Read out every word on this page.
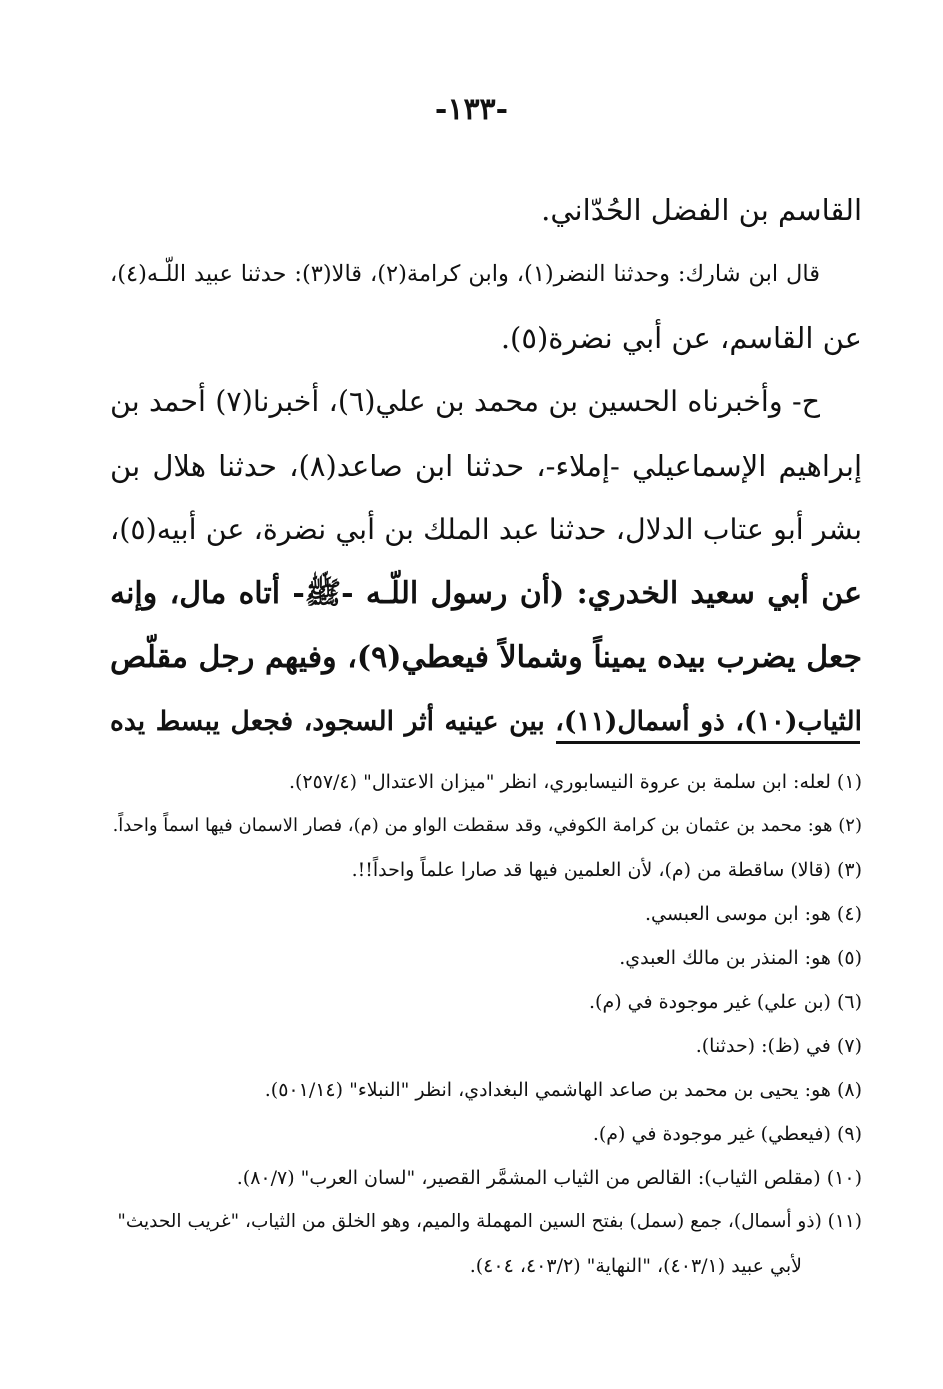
-١٣٣-
القاسم بن الفضل الحُدّاني.
قال ابن شارك: وحدثنا النضر(١)، وابن كرامة(٢)، قالا(٣): حدثنا عبيد اللّـه(٤)،
عن القاسم، عن أبي نضرة(٥).
ح- وأخبرناه الحسين بن محمد بن علي(٦)، أخبرنا(٧) أحمد بن
إبراهيم الإسماعيلي -إملاء-، حدثنا ابن صاعد(٨)، حدثنا هلال بن
بشر أبو عتاب الدلال، حدثنا عبد الملك بن أبي نضرة، عن أبيه(٥)،
عن أبي سعيد الخدري: (أن رسول اللّـه -ﷺ- أتاه مال، وإنه
جعل يضرب بيده يميناً وشمالاً فيعطي(٩)، وفيهم رجل مقلّص
الثياب(١٠)، ذو أسمال(١١)، بين عينيه أثر السجود، فجعل يبسط يده
(١) لعله: ابن سلمة بن عروة النيسابوري، انظر "ميزان الاعتدال" (٢٥٧/٤).
(٢) هو: محمد بن عثمان بن كرامة الكوفي، وقد سقطت الواو من (م)، فصار الاسمان فيها اسماً واحداً.
(٣) (قالا) ساقطة من (م)، لأن العلمين فيها قد صارا علماً واحداً!!.
(٤) هو: ابن موسى العبسي.
(٥) هو: المنذر بن مالك العبدي.
(٦) (بن علي) غير موجودة في (م).
(٧) في (ظ): (حدثنا).
(٨) هو: يحيى بن محمد بن صاعد الهاشمي البغدادي، انظر "النبلاء" (٥٠١/١٤).
(٩) (فيعطي) غير موجودة في (م).
(١٠) (مقلص الثياب): القالص من الثياب المشمَّر القصير، "لسان العرب" (٨٠/٧).
(١١) (ذو أسمال)، جمع (سمل) بفتح السين المهملة والميم، وهو الخلق من الثياب، "غريب الحديث"
لأبي عبيد (٤٠٣/١)، "النهاية" (٤٠٣/٢، ٤٠٤).
